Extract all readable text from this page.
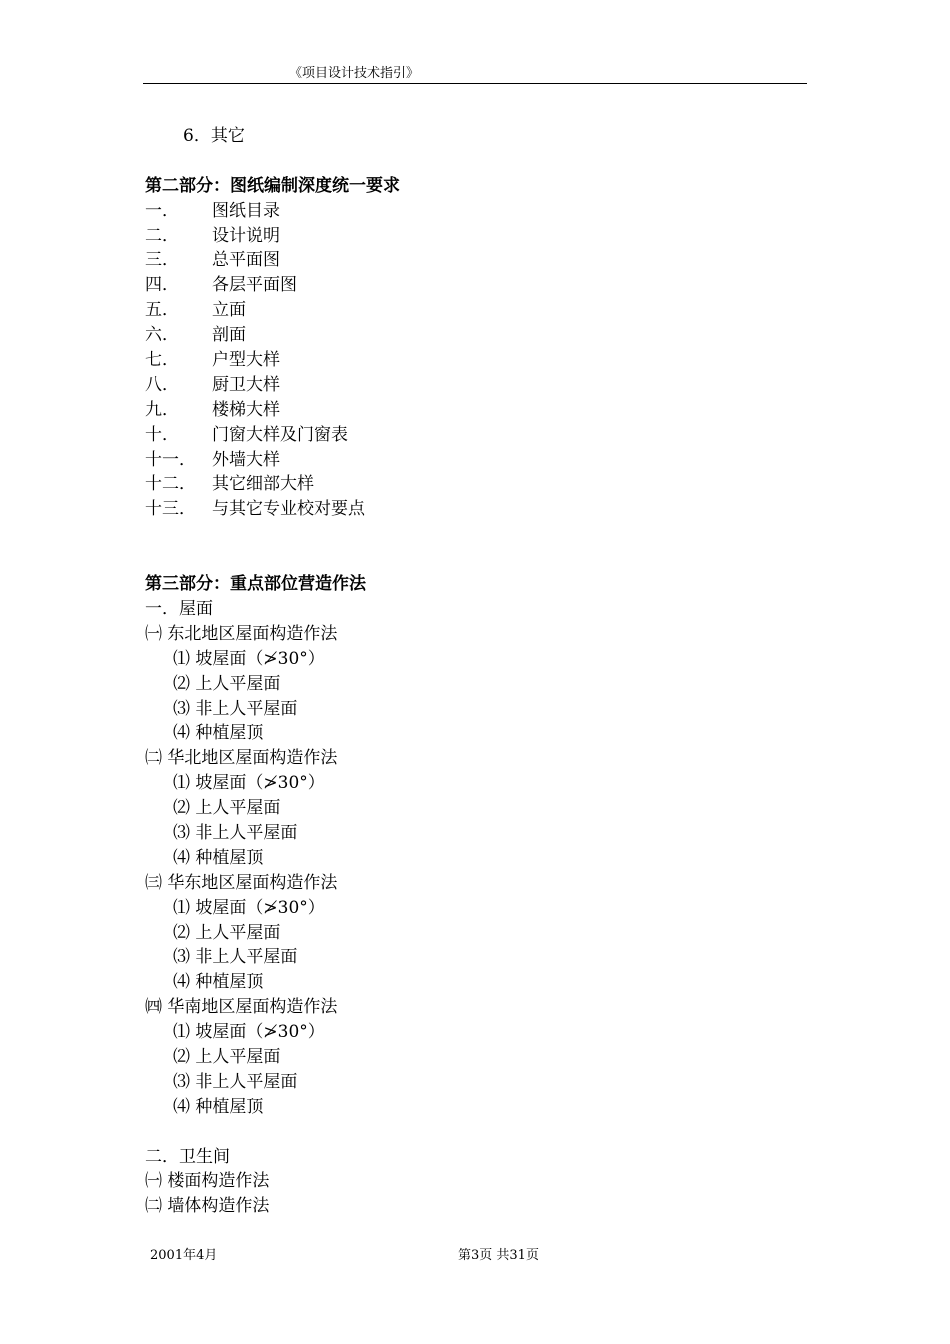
《项目设计技术指引》
6．其它
第二部分：图纸编制深度统一要求
一． 图纸目录
二． 设计说明
三． 总平面图
四． 各层平面图
五． 立面
六． 剖面
七． 户型大样
八． 厨卫大样
九． 楼梯大样
十． 门窗大样及门窗表
十一． 外墙大样
十二． 其它细部大样
十三． 与其它专业校对要点
第三部分：重点部位营造作法
一．屋面
㈠ 东北地区屋面构造作法
⑴ 坡屋面（≯30°）
⑵ 上人平屋面
⑶ 非上人平屋面
⑷ 种植屋顶
㈡ 华北地区屋面构造作法
⑴ 坡屋面（≯30°）
⑵ 上人平屋面
⑶ 非上人平屋面
⑷ 种植屋顶
㈢ 华东地区屋面构造作法
⑴ 坡屋面（≯30°）
⑵ 上人平屋面
⑶ 非上人平屋面
⑷ 种植屋顶
㈣ 华南地区屋面构造作法
⑴ 坡屋面（≯30°）
⑵ 上人平屋面
⑶ 非上人平屋面
⑷ 种植屋顶
二．卫生间
㈠ 楼面构造作法
㈡ 墙体构造作法
2001年4月	第3页 共31页
